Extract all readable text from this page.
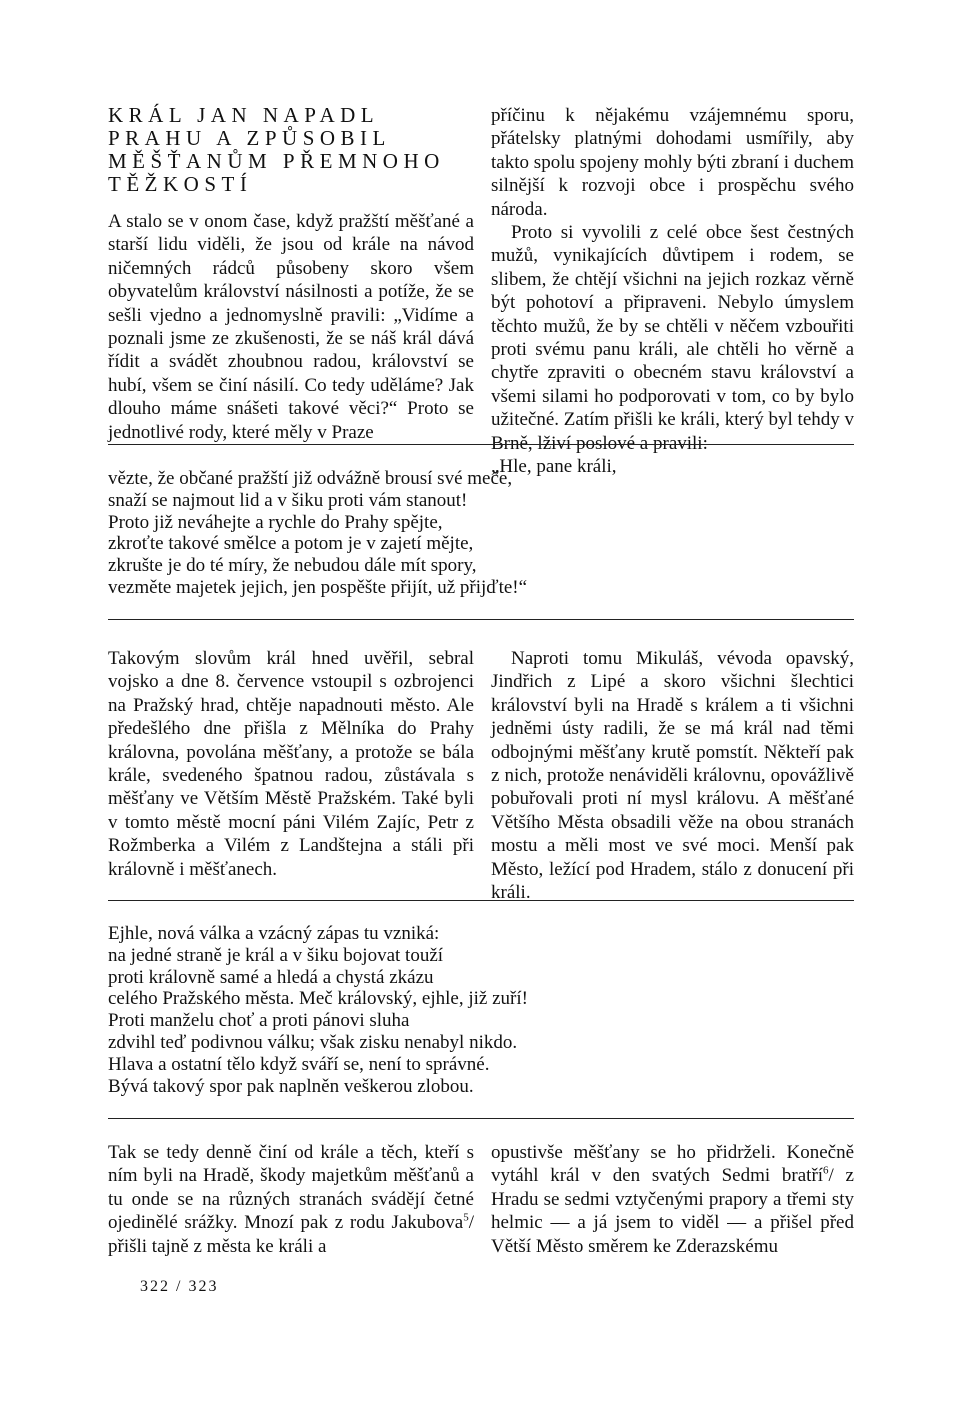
KRÁL JAN NAPADL
PRAHU A ZPŮSOBIL
MĚŠŤANŮM PŘEMNOHO
TĚŽKOSTÍ

A stalo se v onom čase, když pražští měšťané a starší lidu viděli, že jsou od krále na návod ničemných rádců působeny skoro všem obyvatelům království násilnosti a potíže, že se sešli vjedno a jednomyslně pravili: „Vidíme a poznali jsme ze zkušenosti, že se náš král dává řídit a svádět zhoubnou radou, království se hubí, všem se činí násilí. Co tedy uděláme? Jak dlouho máme snášeti takové věci?“ Proto se jednotlivé rody, které měly v Praze

příčinu k nějakému vzájemnému sporu, přátelsky platnými dohodami usmířily, aby takto spolu spojeny mohly býti zbraní i duchem silnější k rozvoji obce i prospěchu svého národa.

Proto si vyvolili z celé obce šest čestných mužů, vynikajících důvtipem i rodem, se slibem, že chtějí všichni na jejich rozkaz věrně být pohotoví a připraveni. Nebylo úmyslem těchto mužů, že by se chtěli v něčem vzbouřiti proti svému panu králi, ale chtěli ho věrně a chytře zpraviti o obecném stavu království a všemi silami ho podporovati v tom, co by bylo užitečné. Zatím přišli ke králi, který byl tehdy v Brně, lživí poslové a pravili:

„Hle, pane králi,

vězte, že občané pražští již odvážně brousí své meče,
snaží se najmout lid a v šiku proti vám stanout!
Proto již neváhejte a rychle do Prahy spějte,
zkroťte takové smělce a potom je v zajetí mějte,
zkrušte je do té míry, že nebudou dále mít spory,
vezměte majetek jejich, jen pospěšte přijít, už přijďte!“

Takovým slovům král hned uvěřil, sebral vojsko a dne 8. července vstoupil s ozbrojenci na Pražský hrad, chtěje napadnouti město. Ale předešlého dne přišla z Mělníka do Prahy královna, povolána měšťany, a protože se bála krále, svedeného špatnou radou, zůstávala s měšťany ve Větším Městě Pražském. Také byli v tomto městě mocní páni Vilém Zajíc, Petr z Rožmberka a Vilém z Landštejna a stáli při královně i měšťanech.

Naproti tomu Mikuláš, vévoda opavský, Jindřich z Lipé a skoro všichni šlechtici království byli na Hradě s králem a ti všichni jedněmi ústy radili, že se má král nad těmi odbojnými měšťany krutě pomstít. Někteří pak z nich, protože nenáviděli královnu, opovážlivě pobuřovali proti ní mysl královu. A měšťané Většího Města obsadili věže na obou stranách mostu a měli most ve své moci. Menší pak Město, ležící pod Hradem, stálo z donucení při králi.

Ejhle, nová válka a vzácný zápas tu vzniká:
na jedné straně je král a v šiku bojovat touží
proti královně samé a hledá a chystá zkázu
celého Pražského města. Meč královský, ejhle, již zuří!
Proti manželu choť a proti pánovi sluha
zdvihl teď podivnou válku; však zisku nenabyl nikdo.
Hlava a ostatní tělo když sváří se, není to správné.
Bývá takový spor pak naplněn veškerou zlobou.

Tak se tedy denně činí od krále a těch, kteří s ním byli na Hradě, škody majetkům měšťanů a tu onde se na různých stranách svádějí četné ojedinělé srážky. Mnozí pak z rodu Jakubova$^5$/ přišli tajně z města ke králi a

opustivše měšťany se ho přidrželi. Konečně vytáhl král v den svatých Sedmi bratří$^6$/ z Hradu se sedmi vztyčenými prapory a třemi sty helmic — a já jsem to viděl — a přišel před Větší Město směrem ke Zderazskému

322 / 323
